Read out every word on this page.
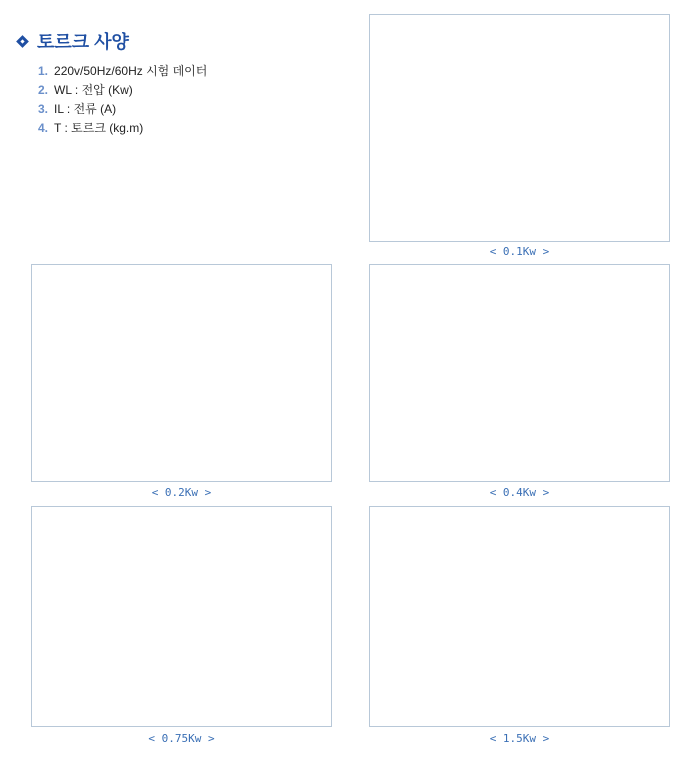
토르크 사양
1. 220v/50Hz/60Hz 시험 데이터
2. WL : 전압 (Kw)
3. IL : 전류 (A)
4. T : 토르크 (kg.m)
< 0.1Kw >
< 0.2Kw >	< 0.4Kw >
< 0.75Kw >	< 1.5Kw >
